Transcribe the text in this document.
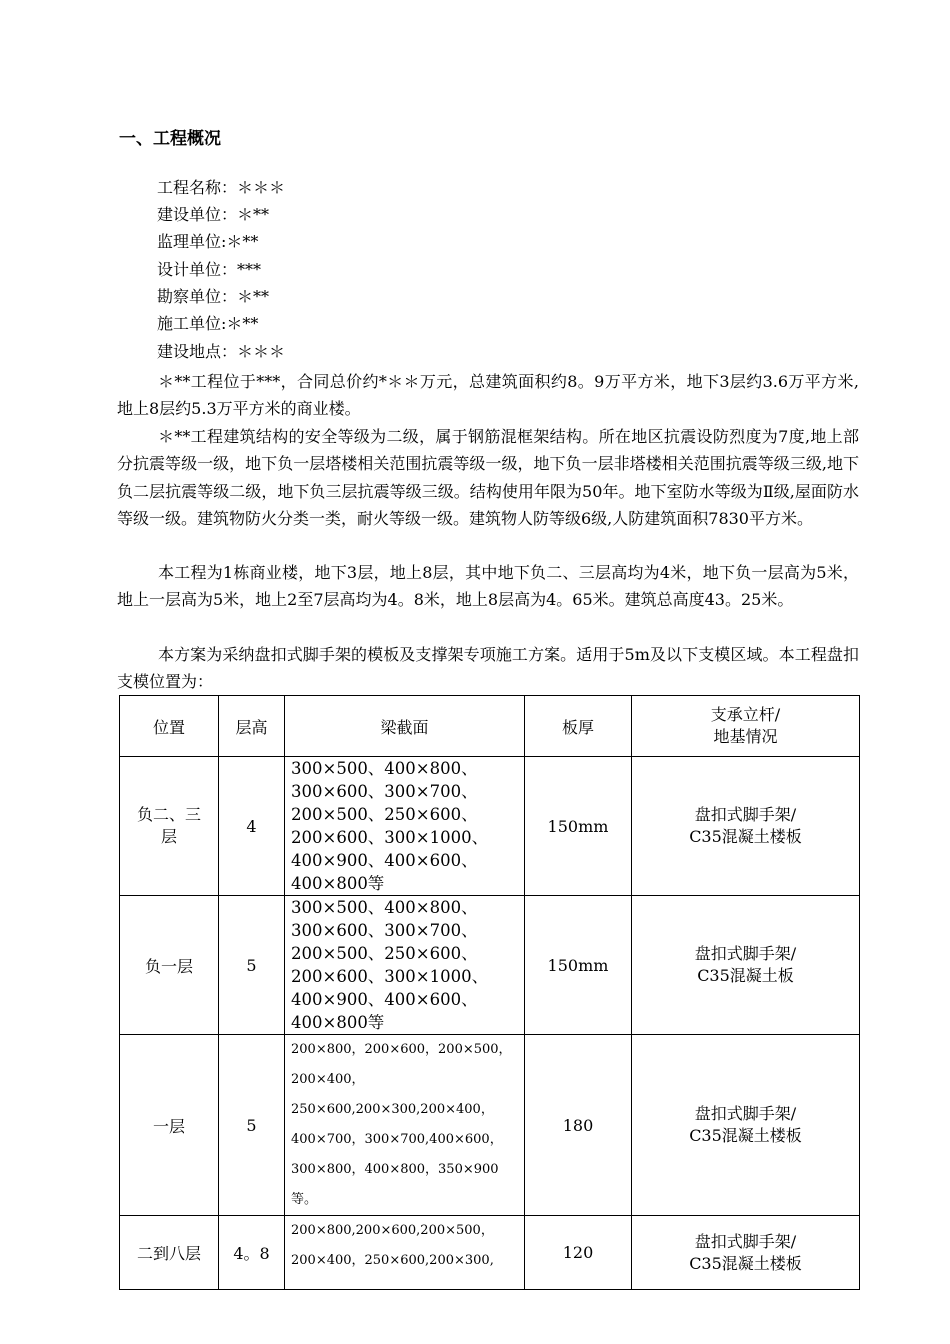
一、工程概况
工程名称：＊＊＊
建设单位：＊**
监理单位:＊**
设计单位：***
勘察单位：＊**
施工单位:＊**
建设地点：＊＊＊
＊**工程位于***，合同总价约*＊＊万元，总建筑面积约8。9万平方米，地下3层约3.6万平方米,地上8层约5.3万平方米的商业楼。
＊**工程建筑结构的安全等级为二级，属于钢筋混框架结构。所在地区抗震设防烈度为7度,地上部分抗震等级一级，地下负一层塔楼相关范围抗震等级一级，地下负一层非塔楼相关范围抗震等级三级,地下负二层抗震等级二级，地下负三层抗震等级三级。结构使用年限为50年。地下室防水等级为Ⅱ级,屋面防水等级一级。建筑物防火分类一类，耐火等级一级。建筑物人防等级6级,人防建筑面积7830平方米。
本工程为1栋商业楼，地下3层，地上8层，其中地下负二、三层高均为4米，地下负一层高为5米，地上一层高为5米，地上2至7层高均为4。8米，地上8层高为4。65米。建筑总高度43。25米。
本方案为采纳盘扣式脚手架的模板及支撑架专项施工方案。适用于5m及以下支模区域。本工程盘扣支模位置为：
位置	层高	梁截面	板厚	支承立杆/
地基情况
负二、三
层	4	300×500、400×800、300×600、300×700、200×500、250×600、200×600、300×1000、400×900、400×600、400×800等	150mm	盘扣式脚手架/
C35混凝土楼板
负一层	5	300×500、400×800、300×600、300×700、200×500、250×600、200×600、300×1000、400×900、400×600、400×800等	150mm	盘扣式脚手架/
C35混凝土板
一层	5	200×800，200×600，200×500，200×400，250×600,200×300,200×400，400×700，300×700,400×600，300×800，400×800，350×900等。	180	盘扣式脚手架/
C35混凝土楼板
二到八层	4。8	200×800,200×600,200×500，200×400，250×600,200×300,	120	盘扣式脚手架/
C35混凝土楼板
